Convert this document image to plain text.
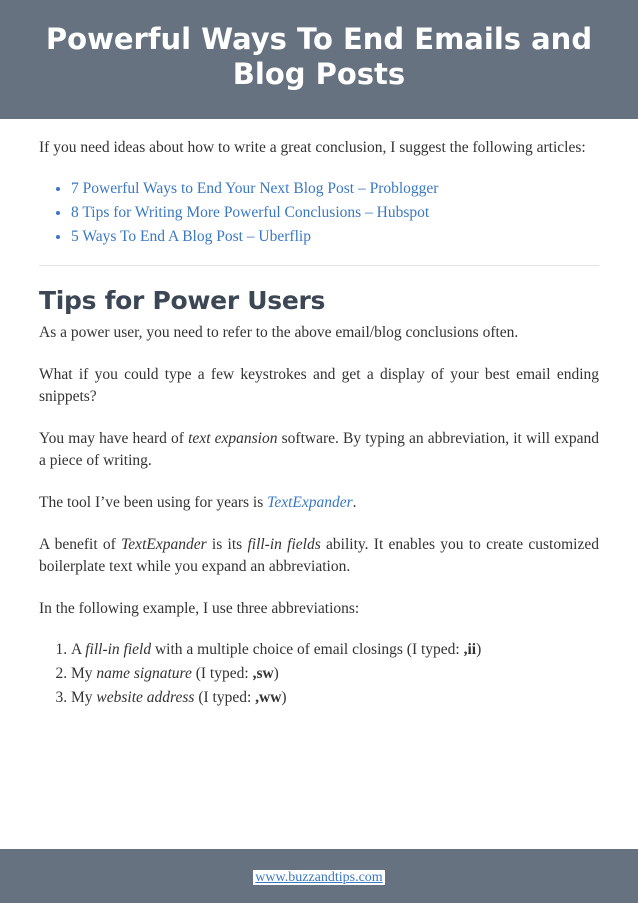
Powerful Ways To End Emails and Blog Posts

If you need ideas about how to write a great conclusion, I suggest the following articles:

• 7 Powerful Ways to End Your Next Blog Post – Problogger
• 8 Tips for Writing More Powerful Conclusions – Hubspot
• 5 Ways To End A Blog Post – Uberflip
Tips for Power Users

As a power user, you need to refer to the above email/blog conclusions often.

What if you could type a few keystrokes and get a display of your best email ending snippets?

You may have heard of text expansion software. By typing an abbreviation, it will expand a piece of writing.

The tool I’ve been using for years is TextExpander.

A benefit of TextExpander is its fill-in fields ability. It enables you to create customized boilerplate text while you expand an abbreviation.

In the following example, I use three abbreviations:

1. A fill-in field with a multiple choice of email closings (I typed: ,ii)
2. My name signature (I typed: ,sw)
3. My website address (I typed: ,ww)
www.buzzandtips.com
